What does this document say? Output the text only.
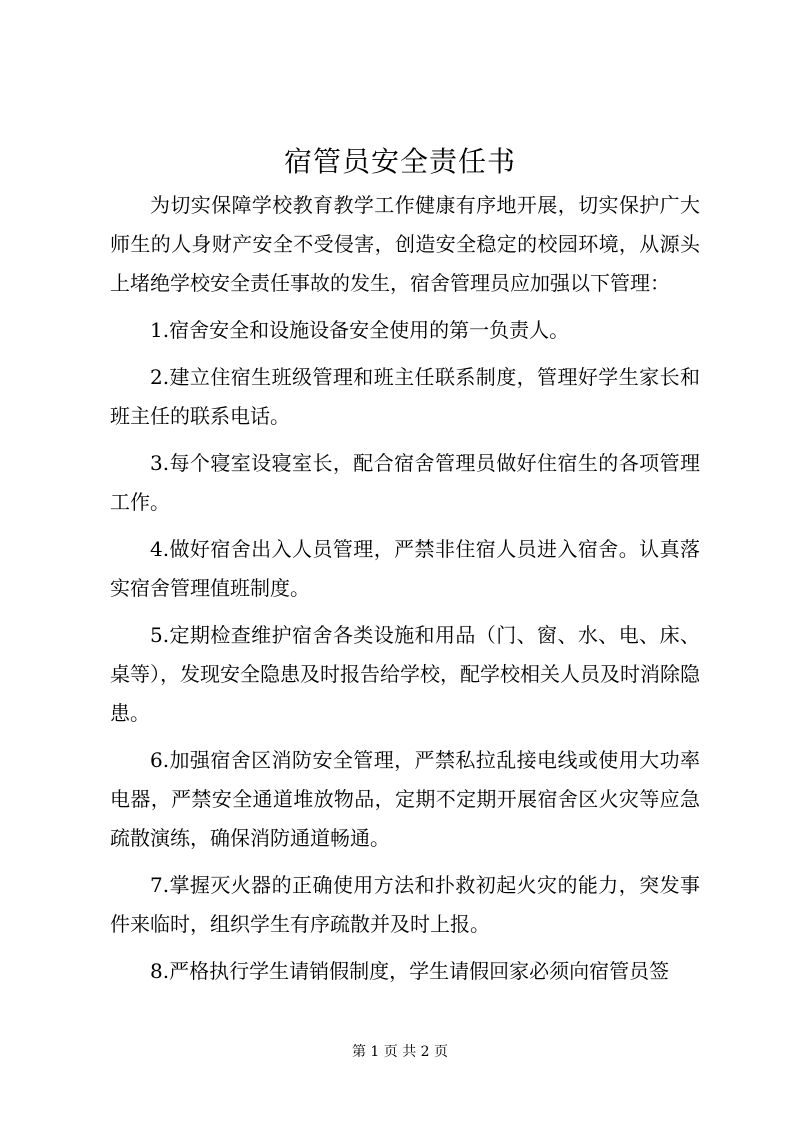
宿管员安全责任书

为切实保障学校教育教学工作健康有序地开展，切实保护广大师生的人身财产安全不受侵害，创造安全稳定的校园环境，从源头上堵绝学校安全责任事故的发生，宿舍管理员应加强以下管理：

1.宿舍安全和设施设备安全使用的第一负责人。

2.建立住宿生班级管理和班主任联系制度，管理好学生家长和班主任的联系电话。

3.每个寝室设寝室长，配合宿舍管理员做好住宿生的各项管理工作。

4.做好宿舍出入人员管理，严禁非住宿人员进入宿舍。认真落实宿舍管理值班制度。

5.定期检查维护宿舍各类设施和用品（门、窗、水、电、床、桌等），发现安全隐患及时报告给学校，配学校相关人员及时消除隐患。

6.加强宿舍区消防安全管理，严禁私拉乱接电线或使用大功率电器，严禁安全通道堆放物品，定期不定期开展宿舍区火灾等应急疏散演练，确保消防通道畅通。

7.掌握灭火器的正确使用方法和扑救初起火灾的能力，突发事件来临时，组织学生有序疏散并及时上报。

8.严格执行学生请销假制度，学生请假回家必须向宿管员签

第 1 页 共 2 页
